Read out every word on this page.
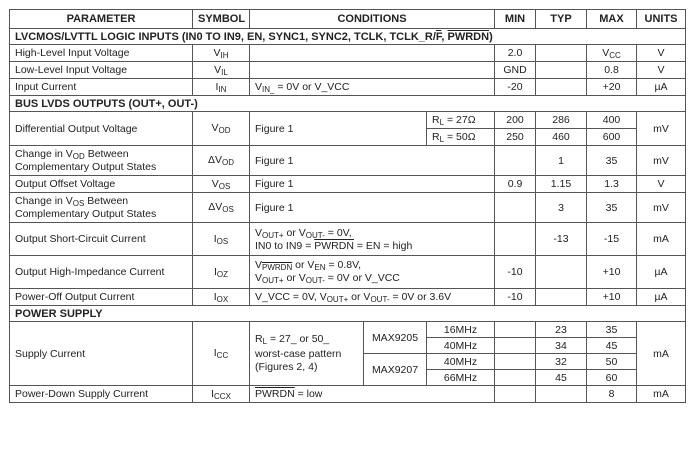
PARAMETER	SYMBOL	CONDITIONS			MIN	TYP	MAX	UNITS
LVCMOS/LVTTL LOGIC INPUTS (IN0 TO IN9, EN, SYNC1, SYNC2, TCLK, $TCLK\_R/\overline{F}$, PWRDN)								
High-Level Input Voltage	$V_{IH}$				2.0		$V_{CC}$	V
Low-Level Input Voltage	$V_{IL}$				GND		0.8	V
Input Current	$I_{IN}$	$V_{IN\_} = 0V$ or V_VCC			-20		+20	µA
BUS LVDS OUTPUTS (OUT+, OUT-)								
Differential Output Voltage	$V_{OD}$	Figure 1		$R_L = 27\Omega$	200	286	400	mV
				$R_L = 50\Omega$	250	460	600	
Change in $V_{OD}$ Between
Complementary Output States	$\Delta V_{OD}$	Figure 1				1	35	mV
Output Offset Voltage	$V_{OS}$	Figure 1			0.9	1.15	1.3	V
Change in $V_{OS}$ Between
Complementary Output States	$\Delta V_{OS}$	Figure 1				3	35	mV
Output Short-Circuit Current	$I_{OS}$	$V_{OUT+}$ or $V_{OUT-} = 0V$,
IN0 to IN9 = PWRDN = EN = high				-13	-15	mA
Output High-Impedance Current	$I_{OZ}$	$V_{PWRDN}$ or $V_{EN} = 0.8V$,
$V_{OUT+}$ or $V_{OUT-} = 0V$ or V_VCC			-10		+10	µA
Power-Off Output Current	$I_{OX}$	V_VCC = 0V, $V_{OUT+}$ or $V_{OUT-} = 0V$ or 3.6V			-10		+10	µA
POWER SUPPLY								
Supply Current	$I_{CC}$	$R_L$ = 27_ or 50_
worst-case pattern
(Figures 2, 4)	MAX9205	16MHz		23	35	mA
				40MHz		34	45	
			MAX9207	40MHz		32	50	
				66MHz		45	60	
Power-Down Supply Current	$I_{CCX}$	PWRDN = low					8	mA
